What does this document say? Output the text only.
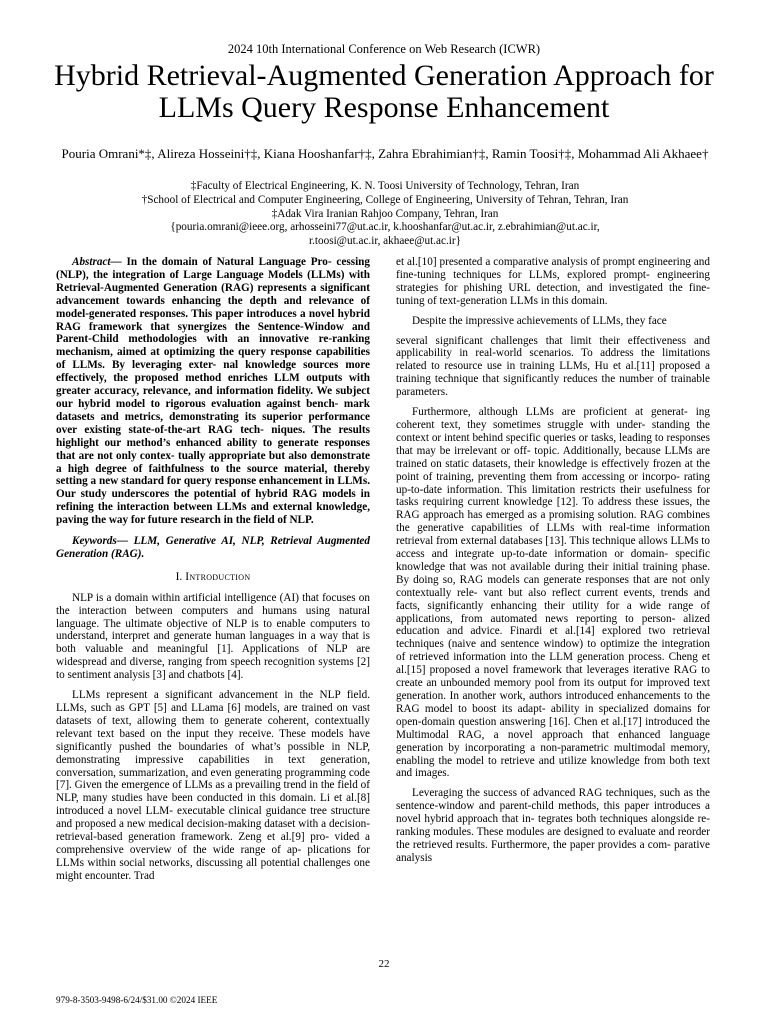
2024 10th International Conference on Web Research (ICWR)
Hybrid Retrieval-Augmented Generation Approach for LLMs Query Response Enhancement
Pouria Omrani*‡, Alireza Hosseini†‡, Kiana Hooshanfar†‡, Zahra Ebrahimian†‡, Ramin Toosi†‡, Mohammad Ali Akhaee†
‡Faculty of Electrical Engineering, K. N. Toosi University of Technology, Tehran, Iran
†School of Electrical and Computer Engineering, College of Engineering, University of Tehran, Tehran, Iran
‡Adak Vira Iranian Rahjoo Company, Tehran, Iran
{pouria.omrani@ieee.org, arhosseini77@ut.ac.ir, k.hooshanfar@ut.ac.ir, z.ebrahimian@ut.ac.ir,
r.toosi@ut.ac.ir, akhaee@ut.ac.ir}

Abstract— In the domain of Natural Language Pro- cessing (NLP), the integration of Large Language Models (LLMs) with Retrieval-Augmented Generation (RAG) represents a significant advancement towards enhancing the depth and relevance of model-generated responses. This paper introduces a novel hybrid RAG framework that synergizes the Sentence-Window and Parent-Child methodologies with an innovative re-ranking mechanism, aimed at optimizing the query response capabilities of LLMs. By leveraging exter- nal knowledge sources more effectively, the proposed method enriches LLM outputs with greater accuracy, relevance, and information fidelity. We subject our hybrid model to rigorous evaluation against bench- mark datasets and metrics, demonstrating its superior performance over existing state-of-the-art RAG tech- niques. The results highlight our method’s enhanced ability to generate responses that are not only contex- tually appropriate but also demonstrate a high degree of faithfulness to the source material, thereby setting a new standard for query response enhancement in LLMs. Our study underscores the potential of hybrid RAG models in refining the interaction between LLMs and external knowledge, paving the way for future research in the field of NLP.

Keywords— LLM, Generative AI, NLP, Retrieval Augmented Generation (RAG).

I. Introduction

NLP is a domain within artificial intelligence (AI) that focuses on the interaction between computers and humans using natural language. The ultimate objective of NLP is to enable computers to understand, interpret and generate human languages in a way that is both valuable and meaningful [1]. Applications of NLP are widespread and diverse, ranging from speech recognition systems [2] to sentiment analysis [3] and chatbots [4].

LLMs represent a significant advancement in the NLP field. LLMs, such as GPT [5] and LLama [6] models, are trained on vast datasets of text, allowing them to generate coherent, contextually relevant text based on the input they receive. These models have significantly pushed the boundaries of what’s possible in NLP, demonstrating impressive capabilities in text generation, conversation, summarization, and even generating programming code [7]. Given the emergence of LLMs as a prevailing trend in the field of NLP, many studies have been conducted in this domain. Li et al.[8] introduced a novel LLM- executable clinical guidance tree structure and proposed a new medical decision-making dataset with a decision- retrieval-based generation framework. Zeng et al.[9] pro- vided a comprehensive overview of the wide range of ap- plications for LLMs within social networks, discussing all potential challenges one might encounter. Trad

et al.[10] presented a comparative analysis of prompt engineering and fine-tuning techniques for LLMs, explored prompt- engineering strategies for phishing URL detection, and investigated the fine-tuning of text-generation LLMs in this domain.

Despite the impressive achievements of LLMs, they face

several significant challenges that limit their effectiveness and applicability in real-world scenarios. To address the limitations related to resource use in training LLMs, Hu et al.[11] proposed a training technique that significantly reduces the number of trainable parameters.

Furthermore, although LLMs are proficient at generat- ing coherent text, they sometimes struggle with under- standing the context or intent behind specific queries or tasks, leading to responses that may be irrelevant or off- topic. Additionally, because LLMs are trained on static datasets, their knowledge is effectively frozen at the point of training, preventing them from accessing or incorpo- rating up-to-date information. This limitation restricts their usefulness for tasks requiring current knowledge [12]. To address these issues, the RAG approach has emerged as a promising solution. RAG combines the generative capabilities of LLMs with real-time information retrieval from external databases [13]. This technique allows LLMs to access and integrate up-to-date information or domain- specific knowledge that was not available during their initial training phase. By doing so, RAG models can generate responses that are not only contextually rele- vant but also reflect current events, trends and facts, significantly enhancing their utility for a wide range of applications, from automated news reporting to person- alized education and advice. Finardi et al.[14] explored two retrieval techniques (naive and sentence window) to optimize the integration of retrieved information into the LLM generation process. Cheng et al.[15] proposed a novel framework that leverages iterative RAG to create an unbounded memory pool from its output for improved text generation. In another work, authors introduced enhancements to the RAG model to boost its adapt- ability in specialized domains for open-domain question answering [16]. Chen et al.[17] introduced the Multimodal RAG, a novel approach that enhanced language generation by incorporating a non-parametric multimodal memory, enabling the model to retrieve and utilize knowledge from both text and images.

Leveraging the success of advanced RAG techniques, such as the sentence-window and parent-child methods, this paper introduces a novel hybrid approach that in- tegrates both techniques alongside re-ranking modules. These modules are designed to evaluate and reorder the retrieved results. Furthermore, the paper provides a com- parative analysis

22
979-8-3503-9498-6/24/$31.00 ©2024 IEEE
